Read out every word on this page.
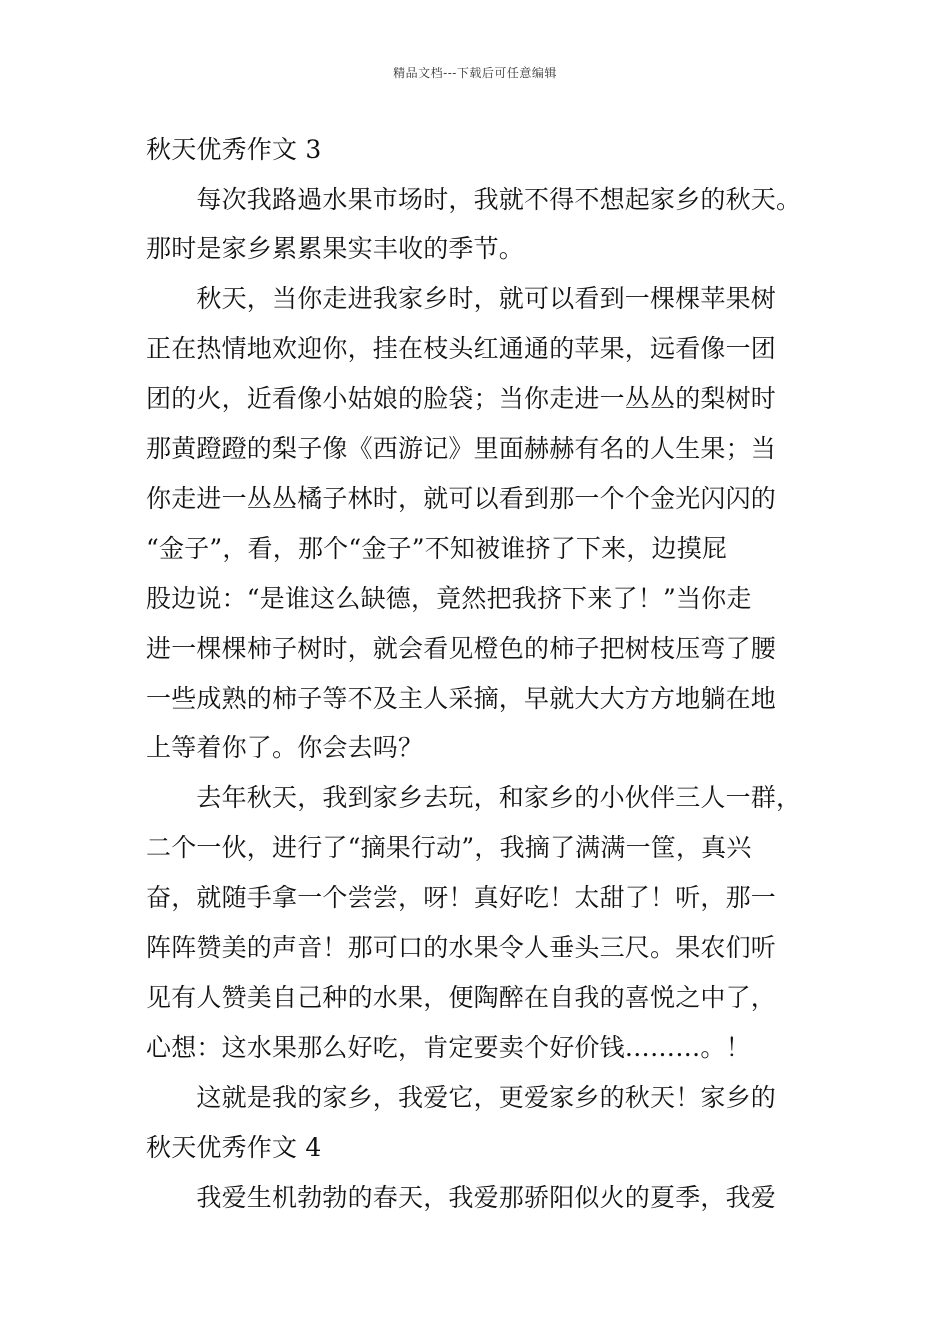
精品文档---下载后可任意编辑
秋天优秀作文 3
　　每次我路過水果市场时，我就不得不想起家乡的秋天。
那时是家乡累累果实丰收的季节。
　　秋天，当你走进我家乡时，就可以看到一棵棵苹果树
正在热情地欢迎你，挂在枝头红通通的苹果，远看像一团
团的火，近看像小姑娘的脸袋；当你走进一丛丛的梨树时
那黄蹬蹬的梨子像《西游记》里面赫赫有名的人生果；当
你走进一丛丛橘子林时，就可以看到那一个个金光闪闪的
“金子”，看，那个“金子”不知被谁挤了下来，边摸屁
股边说：“是谁这么缺德，竟然把我挤下来了！”当你走
进一棵棵柿子树时，就会看见橙色的柿子把树枝压弯了腰
一些成熟的柿子等不及主人采摘，早就大大方方地躺在地
上等着你了。你会去吗？
　　去年秋天，我到家乡去玩，和家乡的小伙伴三人一群，
二个一伙，进行了“摘果行动”，我摘了满满一筐，真兴
奋，就随手拿一个尝尝，呀！真好吃！太甜了！听，那一
阵阵赞美的声音！那可口的水果令人垂头三尺。果农们听
见有人赞美自己种的水果，便陶醉在自我的喜悦之中了，
心想：这水果那么好吃，肯定要卖个好价钱………。！
　　这就是我的家乡，我爱它，更爱家乡的秋天！家乡的
秋天优秀作文 4
　　我爱生机勃勃的春天，我爱那骄阳似火的夏季，我爱
